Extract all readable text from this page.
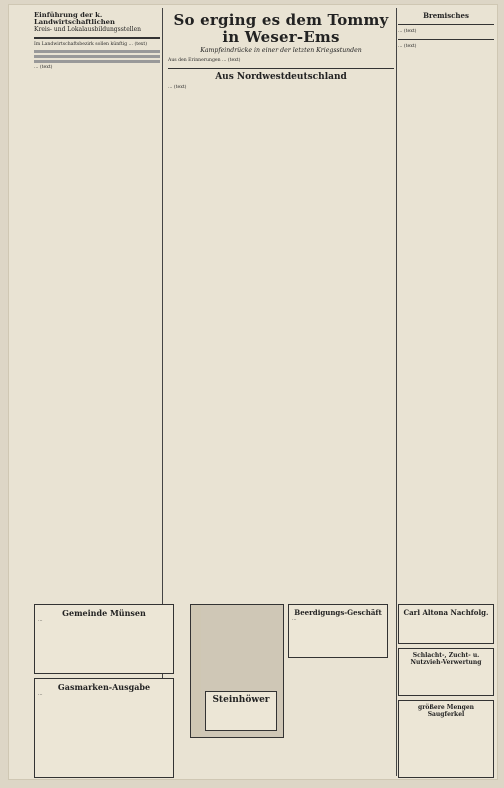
Einführung der k. Landwirtschaftlichen
Kreis- und Lokalausbildungsstellen

Im Landwirtschaftsbezirk sollen künftig ... (text)

... (text)

So erging es dem Tommy in Weser-Ems
Kampfeindrücke in einer der letzten Kriegsstunden

Aus den Erinnerungen ... (text)

Aus Nordwestdeutschland

... (text)

Bremisches

... (text)

... (text)

Gemeinde Münsen
...
Gasmarken-Ausgabe
...
Steinhöwer
Beerdigungs-Geschäft
...
Carl Altona Nachfolg.
Schlacht-, Zucht- u. Nutzvieh-Verwertung
größere Mengen Saugferkel
